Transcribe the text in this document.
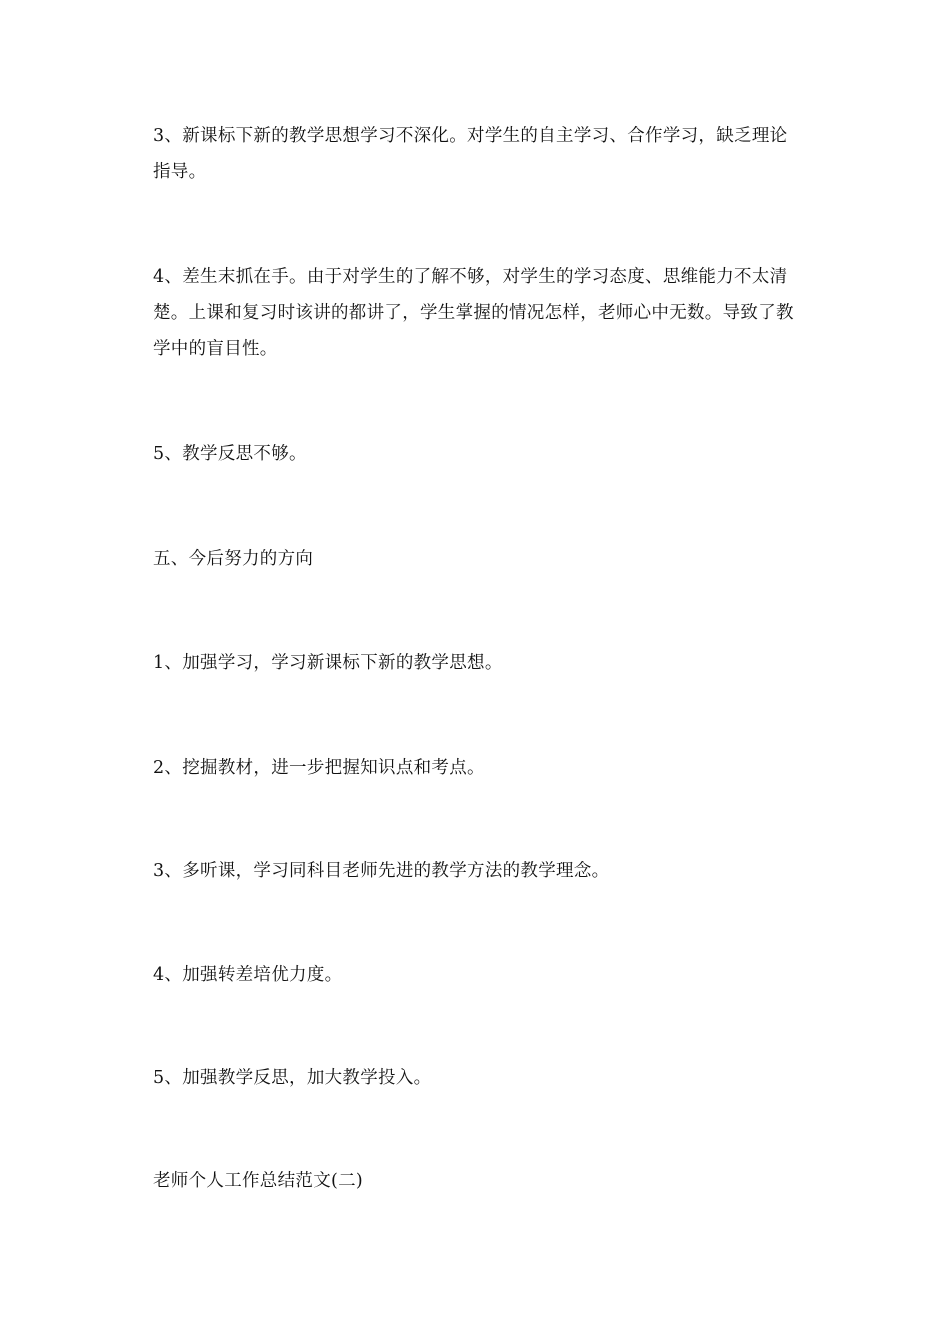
3、新课标下新的教学思想学习不深化。对学生的自主学习、合作学习，缺乏理论指导。

4、差生末抓在手。由于对学生的了解不够，对学生的学习态度、思维能力不太清楚。上课和复习时该讲的都讲了，学生掌握的情况怎样，老师心中无数。导致了教学中的盲目性。

5、教学反思不够。

五、今后努力的方向

1、加强学习，学习新课标下新的教学思想。

2、挖掘教材，进一步把握知识点和考点。

3、多听课，学习同科目老师先进的教学方法的教学理念。

4、加强转差培优力度。

5、加强教学反思，加大教学投入。

老师个人工作总结范文(二)
